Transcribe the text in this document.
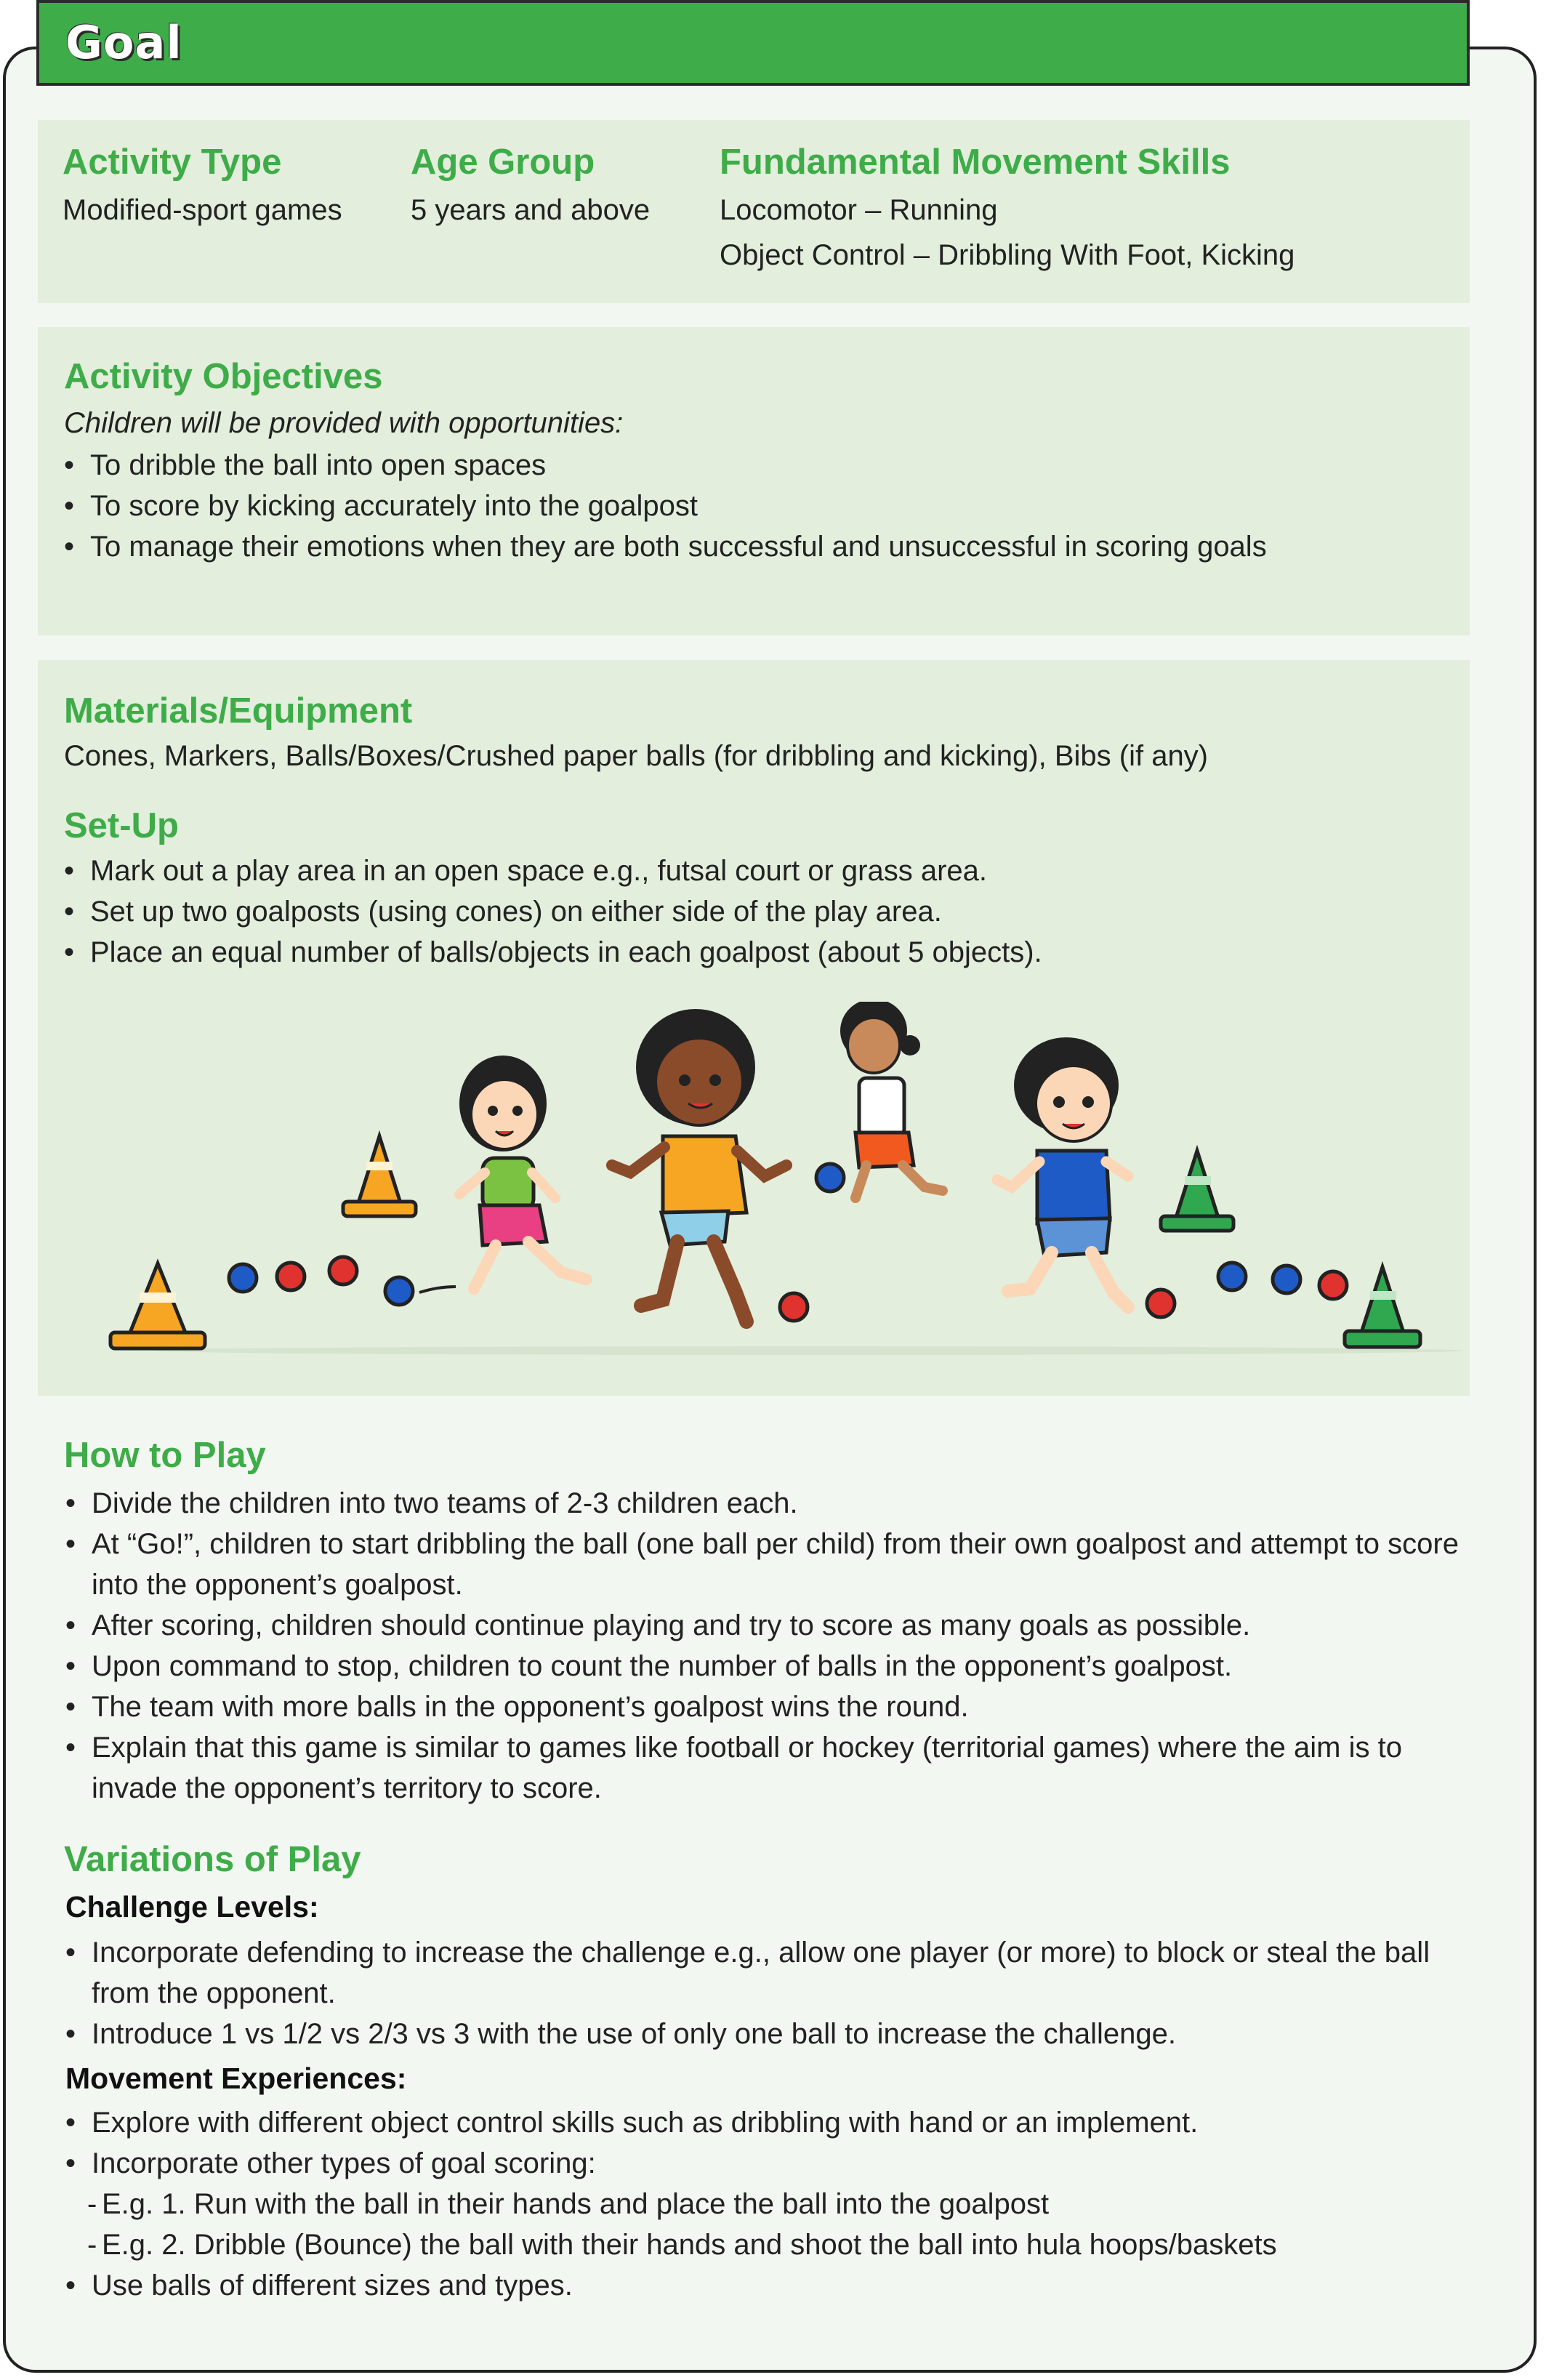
Goal
Activity Type
Modified-sport games
Age Group
5 years and above
Fundamental Movement Skills
Locomotor – Running
Object Control – Dribbling With Foot, Kicking
Activity Objectives
Children will be provided with opportunities:
• To dribble the ball into open spaces
• To score by kicking accurately into the goalpost
• To manage their emotions when they are both successful and unsuccessful in scoring goals
Materials/Equipment
Cones, Markers, Balls/Boxes/Crushed paper balls (for dribbling and kicking), Bibs (if any)
Set-Up
• Mark out a play area in an open space e.g., futsal court or grass area.
• Set up two goalposts (using cones) on either side of the play area.
• Place an equal number of balls/objects in each goalpost (about 5 objects).
How to Play
• Divide the children into two teams of 2-3 children each.
• At “Go!”, children to start dribbling the ball (one ball per child) from their own goalpost and attempt to score into the opponent’s goalpost.
• After scoring, children should continue playing and try to score as many goals as possible.
• Upon command to stop, children to count the number of balls in the opponent’s goalpost.
• The team with more balls in the opponent’s goalpost wins the round.
• Explain that this game is similar to games like football or hockey (territorial games) where the aim is to invade the opponent’s territory to score.
Variations of Play
Challenge Levels:
• Incorporate defending to increase the challenge e.g., allow one player (or more) to block or steal the ball from the opponent.
• Introduce 1 vs 1/2 vs 2/3 vs 3 with the use of only one ball to increase the challenge.
Movement Experiences:
• Explore with different object control skills such as dribbling with hand or an implement.
• Incorporate other types of goal scoring:
- E.g. 1. Run with the ball in their hands and place the ball into the goalpost
- E.g. 2. Dribble (Bounce) the ball with their hands and shoot the ball into hula hoops/baskets
• Use balls of different sizes and types.
